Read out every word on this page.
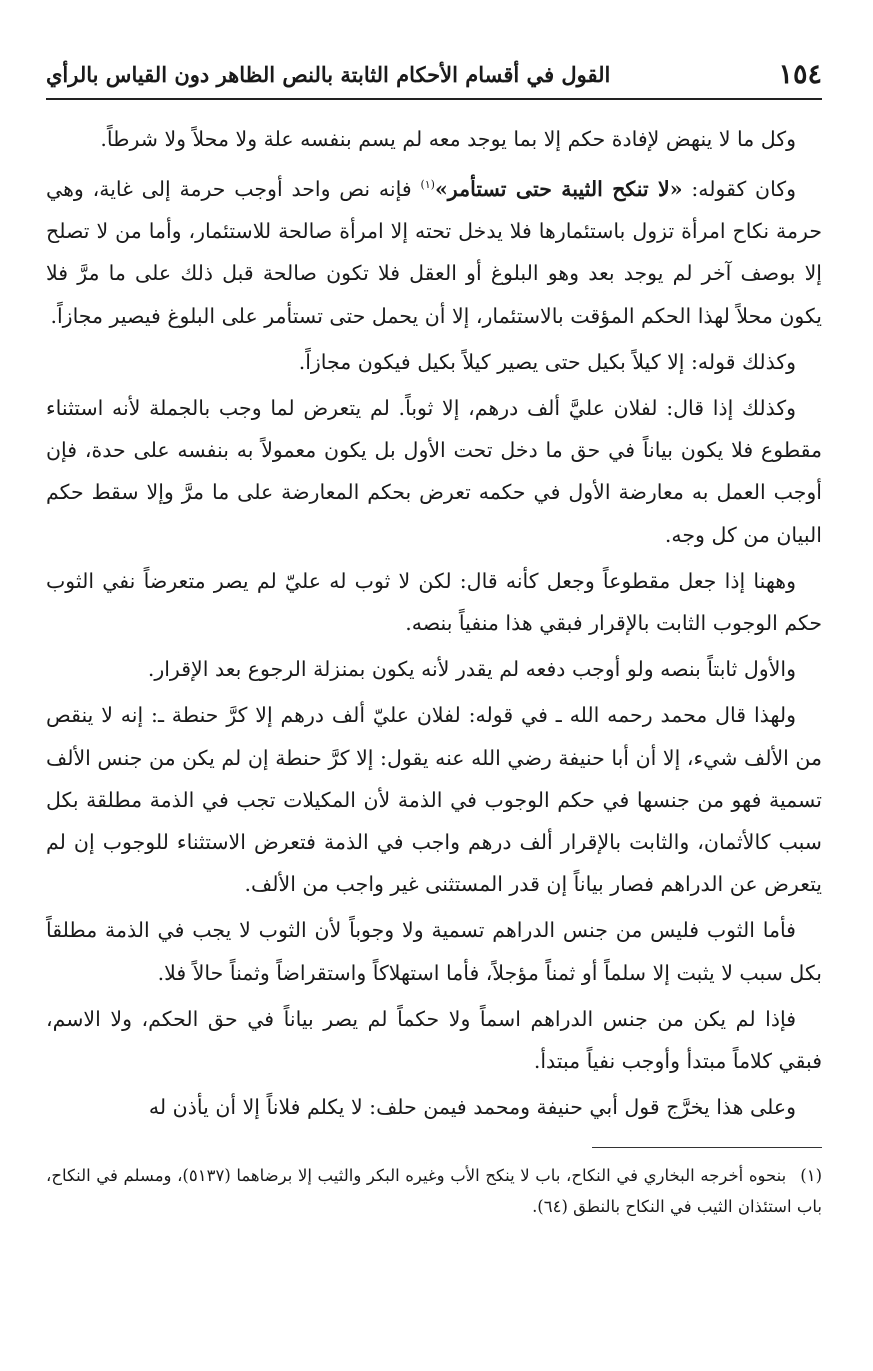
١٥٤
القول في أقسام الأحكام الثابتة بالنص الظاهر دون القياس بالرأي

وكل ما لا ينهض لإفادة حكم إلا بما يوجد معه لم يسم بنفسه علة ولا محلاً ولا شرطاً.

وكان كقوله: «لا تنكح الثيبة حتى تستأمر»$^{(١)}$ فإنه نص واحد أوجب حرمة إلى غاية، وهي حرمة نكاح امرأة تزول باستئمارها فلا يدخل تحته إلا امرأة صالحة للاستئمار، وأما من لا تصلح إلا بوصف آخر لم يوجد بعد وهو البلوغ أو العقل فلا تكون صالحة قبل ذلك على ما مرَّ فلا يكون محلاً لهذا الحكم المؤقت بالاستئمار، إلا أن يحمل حتى تستأمر على البلوغ فيصير مجازاً.

وكذلك قوله: إلا كيلاً بكيل حتى يصير كيلاً بكيل فيكون مجازاً.

وكذلك إذا قال: لفلان عليَّ ألف درهم، إلا ثوباً. لم يتعرض لما وجب بالجملة لأنه استثناء مقطوع فلا يكون بياناً في حق ما دخل تحت الأول بل يكون معمولاً به بنفسه على حدة، فإن أوجب العمل به معارضة الأول في حكمه تعرض بحكم المعارضة على ما مرَّ وإلا سقط حكم البيان من كل وجه.

وههنا إذا جعل مقطوعاً وجعل كأنه قال: لكن لا ثوب له عليّ لم يصر متعرضاً نفي الثوب حكم الوجوب الثابت بالإقرار فبقي هذا منفياً بنصه.

والأول ثابتاً بنصه ولو أوجب دفعه لم يقدر لأنه يكون بمنزلة الرجوع بعد الإقرار.

ولهذا قال محمد رحمه الله ـ في قوله: لفلان عليّ ألف درهم إلا كرَّ حنطة ـ: إنه لا ينقص من الألف شيء، إلا أن أبا حنيفة رضي الله عنه يقول: إلا كرَّ حنطة إن لم يكن من جنس الألف تسمية فهو من جنسها في حكم الوجوب في الذمة لأن المكيلات تجب في الذمة مطلقة بكل سبب كالأثمان، والثابت بالإقرار ألف درهم واجب في الذمة فتعرض الاستثناء للوجوب إن لم يتعرض عن الدراهم فصار بياناً إن قدر المستثنى غير واجب من الألف.

فأما الثوب فليس من جنس الدراهم تسمية ولا وجوباً لأن الثوب لا يجب في الذمة مطلقاً بكل سبب لا يثبت إلا سلماً أو ثمناً مؤجلاً، فأما استهلاكاً واستقراضاً وثمناً حالاً فلا.

فإذا لم يكن من جنس الدراهم اسماً ولا حكماً لم يصر بياناً في حق الحكم، ولا الاسم، فبقي كلاماً مبتدأ وأوجب نفياً مبتدأ.

وعلى هذا يخرَّج قول أبي حنيفة ومحمد فيمن حلف: لا يكلم فلاناً إلا أن يأذن له

(١)بنحوه أخرجه البخاري في النكاح، باب لا ينكح الأب وغيره البكر والثيب إلا برضاهما (٥١٣٧)، ومسلم في النكاح، باب استئذان الثيب في النكاح بالنطق (٦٤).
